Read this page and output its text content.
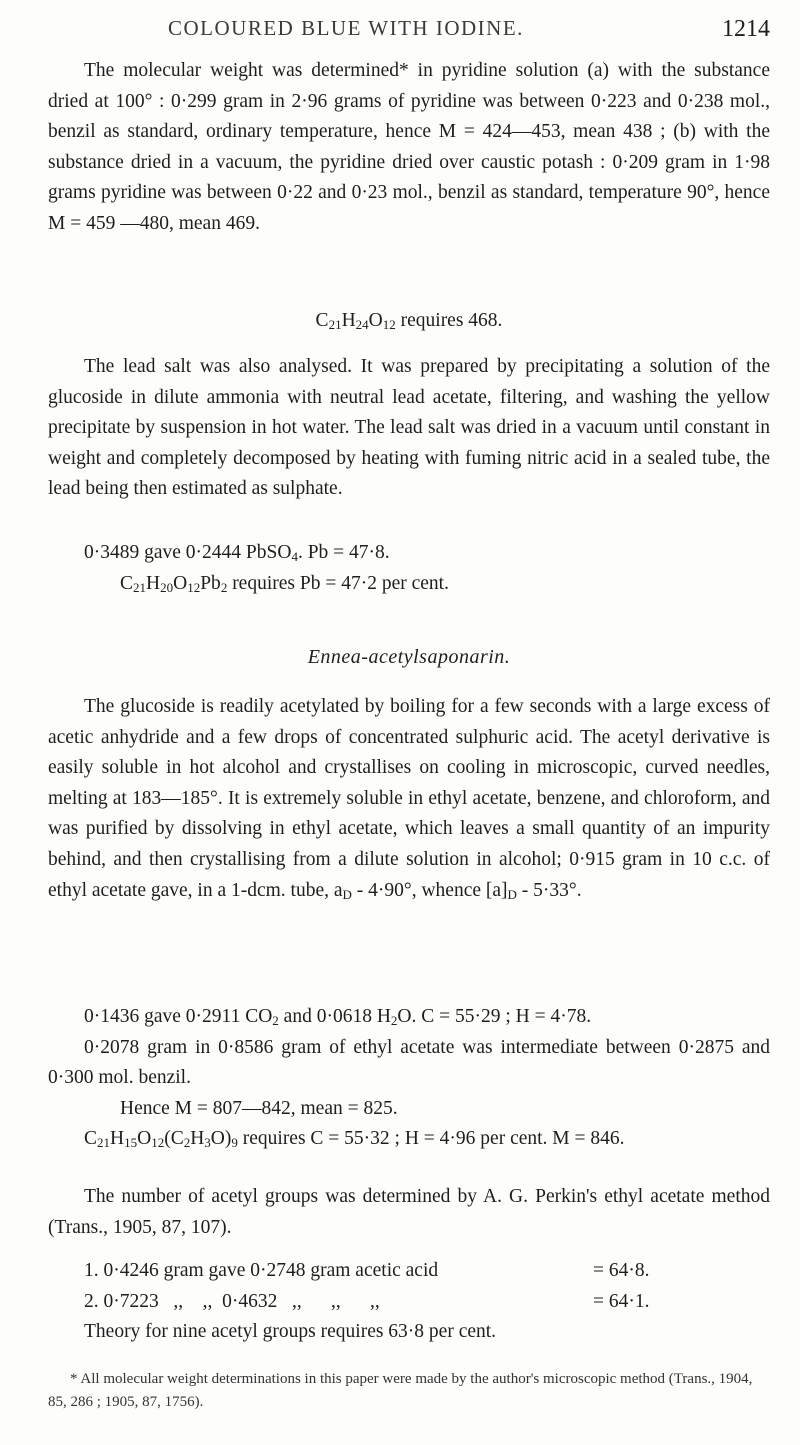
COLOURED BLUE WITH IODINE.	1214

The molecular weight was determined* in pyridine solution (a) with the substance dried at 100° : 0·299 gram in 2·96 grams of pyridine was between 0·223 and 0·238 mol., benzil as standard, ordinary temperature, hence M = 424—453, mean 438 ; (b) with the substance dried in a vacuum, the pyridine dried over caustic potash : 0·209 gram in 1·98 grams pyridine was between 0·22 and 0·23 mol., benzil as standard, temperature 90°, hence M = 459 —480, mean 469.

$C_{21}H_{24}O_{12}$ requires 468.

The lead salt was also analysed. It was prepared by precipitating a solution of the glucoside in dilute ammonia with neutral lead acetate, filtering, and washing the yellow precipitate by suspension in hot water. The lead salt was dried in a vacuum until constant in weight and completely decomposed by heating with fuming nitric acid in a sealed tube, the lead being then estimated as sulphate.

0·3489 gave 0·2444 PbSO$_4$. Pb = 47·8.

$C_{21}H_{20}O_{12}Pb_2$ requires Pb = 47·2 per cent.

Ennea-acetylsaponarin.

The glucoside is readily acetylated by boiling for a few seconds with a large excess of acetic anhydride and a few drops of concentrated sulphuric acid. The acetyl derivative is easily soluble in hot alcohol and crystallises on cooling in microscopic, curved needles, melting at 183—185°. It is extremely soluble in ethyl acetate, benzene, and chloroform, and was purified by dissolving in ethyl acetate, which leaves a small quantity of an impurity behind, and then crystallising from a dilute solution in alcohol; 0·915 gram in 10 c.c. of ethyl acetate gave, in a 1-dcm. tube, $a_D - 4\cdot 90^\circ$, whence $[a]_D - 5\cdot 33^\circ$.

0·1436 gave 0·2911 $CO_2$ and 0·0618 $H_2O$. C = 55·29 ; H = 4·78.

0·2078 gram in 0·8586 gram of ethyl acetate was intermediate between 0·2875 and 0·300 mol. benzil.

Hence M = 807—842, mean = 825.

$C_{21}H_{15}O_{12}(C_2H_3O)_9$ requires C = 55·32 ; H = 4·96 per cent. M = 846.

The number of acetyl groups was determined by A. G. Perkin's ethyl acetate method (Trans., 1905, 87, 107).

1. 0·4246 gram gave 0·2748 gram acetic acid	= 64·8.

2. 0·7223   ,,    ,,  0·4632   ,,      ,,      ,,	= 64·1.

Theory for nine acetyl groups requires 63·8 per cent.

* All molecular weight determinations in this paper were made by the author's microscopic method (Trans., 1904, 85, 286 ; 1905, 87, 1756).
